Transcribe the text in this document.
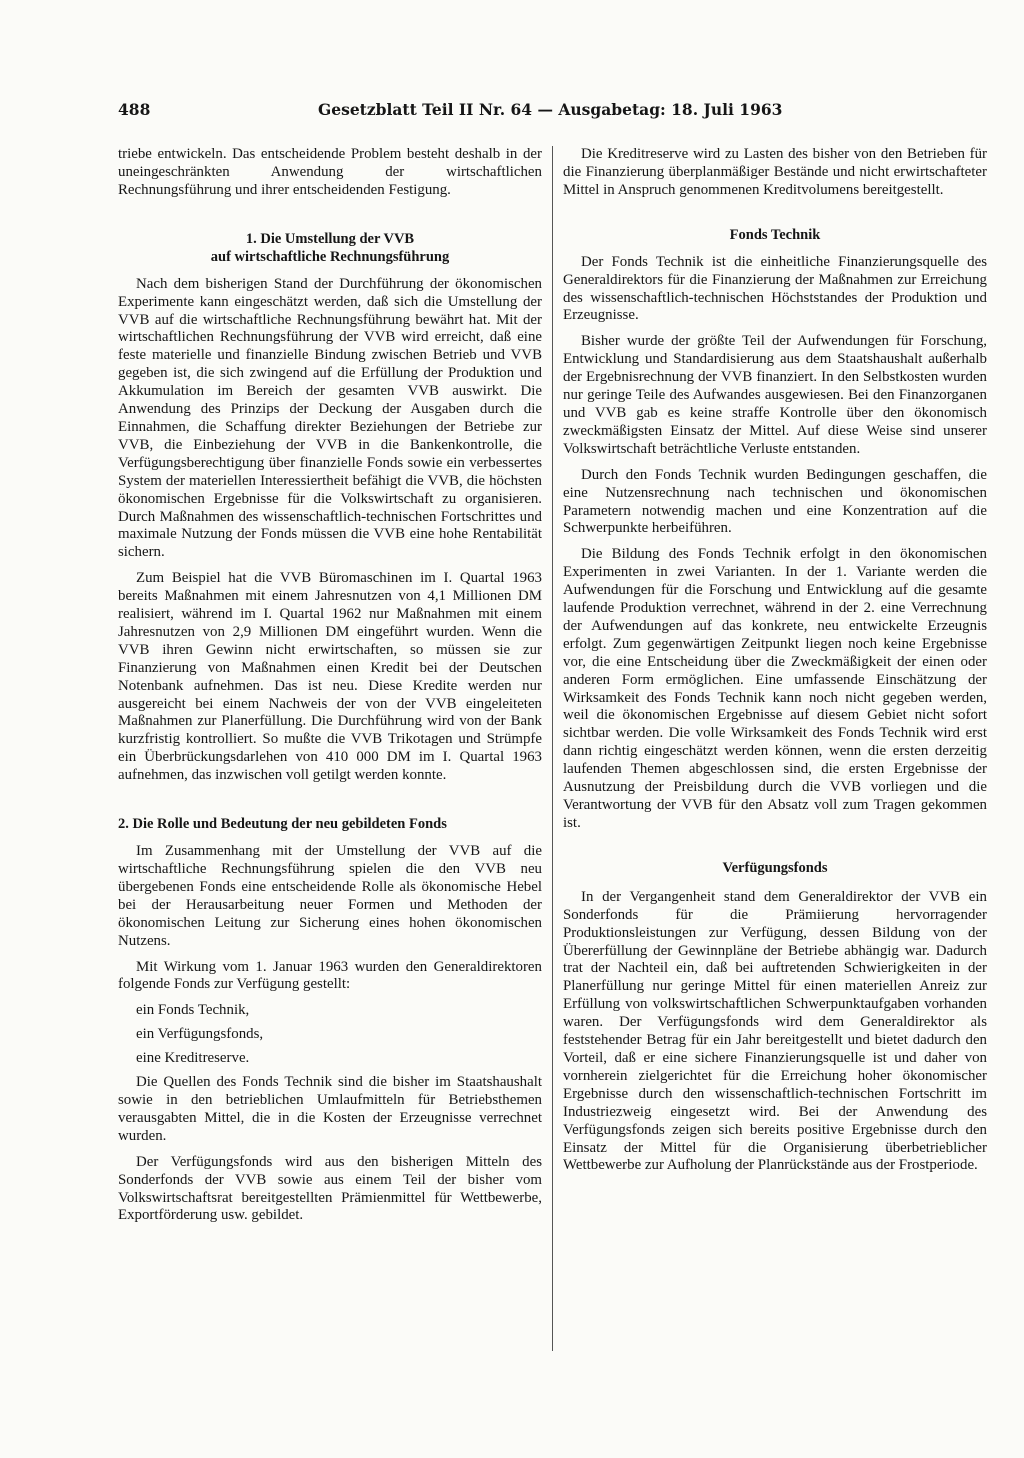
488	Gesetzblatt Teil II Nr. 64 — Ausgabetag: 18. Juli 1963

triebe entwickeln. Das entscheidende Problem besteht deshalb in der uneingeschränkten Anwendung der wirtschaftlichen Rechnungsführung und ihrer entscheidenden Festigung.

1. Die Umstellung der VVB
auf wirtschaftliche Rechnungsführung

Nach dem bisherigen Stand der Durchführung der ökonomischen Experimente kann eingeschätzt werden, daß sich die Umstellung der VVB auf die wirtschaftliche Rechnungsführung bewährt hat. Mit der wirtschaftlichen Rechnungsführung der VVB wird erreicht, daß eine feste materielle und finanzielle Bindung zwischen Betrieb und VVB gegeben ist, die sich zwingend auf die Erfüllung der Produktion und Akkumulation im Bereich der gesamten VVB auswirkt. Die Anwendung des Prinzips der Deckung der Ausgaben durch die Einnahmen, die Schaffung direkter Beziehungen der Betriebe zur VVB, die Einbeziehung der VVB in die Bankenkontrolle, die Verfügungsberechtigung über finanzielle Fonds sowie ein verbessertes System der materiellen Interessiertheit befähigt die VVB, die höchsten ökonomischen Ergebnisse für die Volkswirtschaft zu organisieren. Durch Maßnahmen des wissenschaftlich-technischen Fortschrittes und maximale Nutzung der Fonds müssen die VVB eine hohe Rentabilität sichern.

Zum Beispiel hat die VVB Büromaschinen im I. Quartal 1963 bereits Maßnahmen mit einem Jahresnutzen von 4,1 Millionen DM realisiert, während im I. Quartal 1962 nur Maßnahmen mit einem Jahresnutzen von 2,9 Millionen DM eingeführt wurden. Wenn die VVB ihren Gewinn nicht erwirtschaften, so müssen sie zur Finanzierung von Maßnahmen einen Kredit bei der Deutschen Notenbank aufnehmen. Das ist neu. Diese Kredite werden nur ausgereicht bei einem Nachweis der von der VVB eingeleiteten Maßnahmen zur Planerfüllung. Die Durchführung wird von der Bank kurzfristig kontrolliert. So mußte die VVB Trikotagen und Strümpfe ein Überbrückungsdarlehen von 410 000 DM im I. Quartal 1963 aufnehmen, das inzwischen voll getilgt werden konnte.

2. Die Rolle und Bedeutung der neu gebildeten Fonds

Im Zusammenhang mit der Umstellung der VVB auf die wirtschaftliche Rechnungsführung spielen die den VVB neu übergebenen Fonds eine entscheidende Rolle als ökonomische Hebel bei der Herausarbeitung neuer Formen und Methoden der ökonomischen Leitung zur Sicherung eines hohen ökonomischen Nutzens.

Mit Wirkung vom 1. Januar 1963 wurden den Generaldirektoren folgende Fonds zur Verfügung gestellt:

ein Fonds Technik,

ein Verfügungsfonds,

eine Kreditreserve.

Die Quellen des Fonds Technik sind die bisher im Staatshaushalt sowie in den betrieblichen Umlaufmitteln für Betriebsthemen verausgabten Mittel, die in die Kosten der Erzeugnisse verrechnet wurden.

Der Verfügungsfonds wird aus den bisherigen Mitteln des Sonderfonds der VVB sowie aus einem Teil der bisher vom Volkswirtschaftsrat bereitgestellten Prämienmittel für Wettbewerbe, Exportförderung usw. gebildet.

Die Kreditreserve wird zu Lasten des bisher von den Betrieben für die Finanzierung überplanmäßiger Bestände und nicht erwirtschafteter Mittel in Anspruch genommenen Kreditvolumens bereitgestellt.

Fonds Technik

Der Fonds Technik ist die einheitliche Finanzierungsquelle des Generaldirektors für die Finanzierung der Maßnahmen zur Erreichung des wissenschaftlich-technischen Höchststandes der Produktion und Erzeugnisse.

Bisher wurde der größte Teil der Aufwendungen für Forschung, Entwicklung und Standardisierung aus dem Staatshaushalt außerhalb der Ergebnisrechnung der VVB finanziert. In den Selbstkosten wurden nur geringe Teile des Aufwandes ausgewiesen. Bei den Finanzorganen und VVB gab es keine straffe Kontrolle über den ökonomisch zweckmäßigsten Einsatz der Mittel. Auf diese Weise sind unserer Volkswirtschaft beträchtliche Verluste entstanden.

Durch den Fonds Technik wurden Bedingungen geschaffen, die eine Nutzensrechnung nach technischen und ökonomischen Parametern notwendig machen und eine Konzentration auf die Schwerpunkte herbeiführen.

Die Bildung des Fonds Technik erfolgt in den ökonomischen Experimenten in zwei Varianten. In der 1. Variante werden die Aufwendungen für die Forschung und Entwicklung auf die gesamte laufende Produktion verrechnet, während in der 2. eine Verrechnung der Aufwendungen auf das konkrete, neu entwickelte Erzeugnis erfolgt. Zum gegenwärtigen Zeitpunkt liegen noch keine Ergebnisse vor, die eine Entscheidung über die Zweckmäßigkeit der einen oder anderen Form ermöglichen. Eine umfassende Einschätzung der Wirksamkeit des Fonds Technik kann noch nicht gegeben werden, weil die ökonomischen Ergebnisse auf diesem Gebiet nicht sofort sichtbar werden. Die volle Wirksamkeit des Fonds Technik wird erst dann richtig eingeschätzt werden können, wenn die ersten derzeitig laufenden Themen abgeschlossen sind, die ersten Ergebnisse der Ausnutzung der Preisbildung durch die VVB vorliegen und die Verantwortung der VVB für den Absatz voll zum Tragen gekommen ist.

Verfügungsfonds

In der Vergangenheit stand dem Generaldirektor der VVB ein Sonderfonds für die Prämiierung hervorragender Produktionsleistungen zur Verfügung, dessen Bildung von der Übererfüllung der Gewinnpläne der Betriebe abhängig war. Dadurch trat der Nachteil ein, daß bei auftretenden Schwierigkeiten in der Planerfüllung nur geringe Mittel für einen materiellen Anreiz zur Erfüllung von volkswirtschaftlichen Schwerpunktaufgaben vorhanden waren. Der Verfügungsfonds wird dem Generaldirektor als feststehender Betrag für ein Jahr bereitgestellt und bietet dadurch den Vorteil, daß er eine sichere Finanzierungsquelle ist und daher von vornherein zielgerichtet für die Erreichung hoher ökonomischer Ergebnisse durch den wissenschaftlich-technischen Fortschritt im Industriezweig eingesetzt wird. Bei der Anwendung des Verfügungsfonds zeigen sich bereits positive Ergebnisse durch den Einsatz der Mittel für die Organisierung überbetrieblicher Wettbewerbe zur Aufholung der Planrückstände aus der Frostperiode.
